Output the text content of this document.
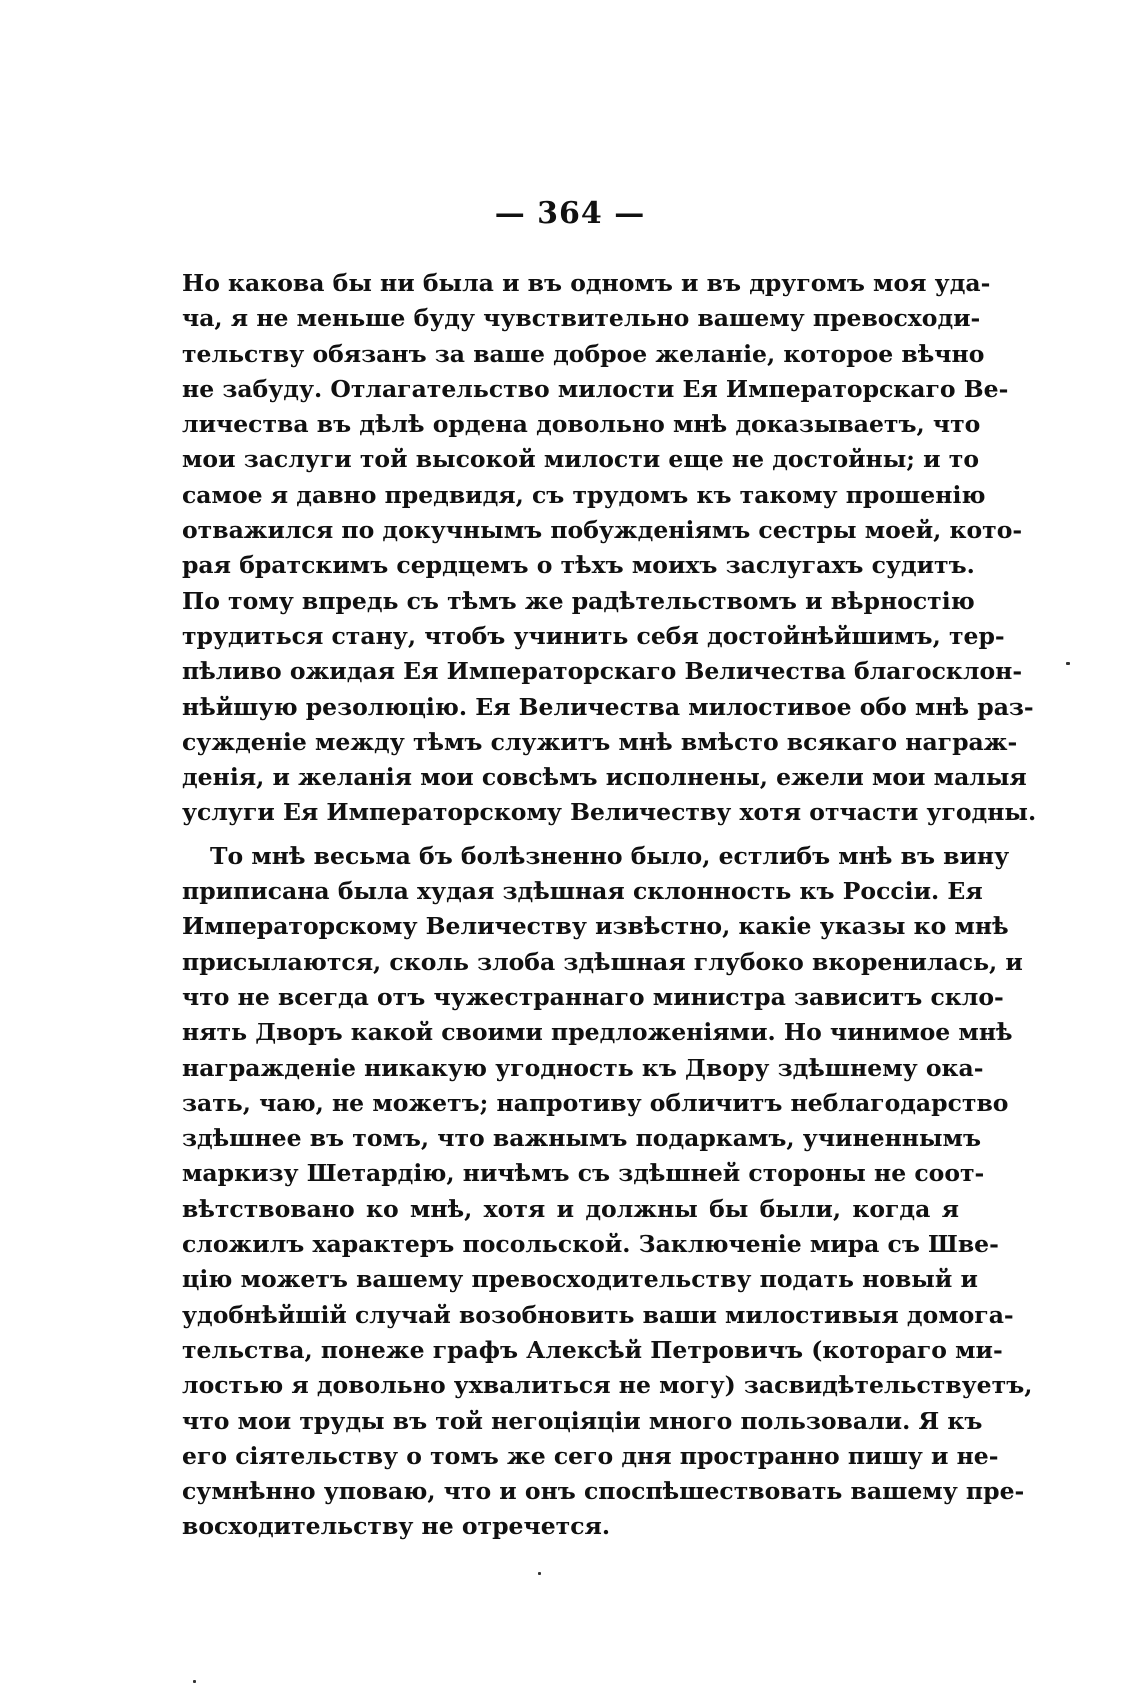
— 364 —
Но какова бы ни была и въ одномъ и въ другомъ моя уда-
ча, я не меньше буду чувствительно вашему превосходи-
тельству обязанъ за ваше доброе желаніе, которое вѣчно
не забуду. Отлагательство милости Ея Императорскаго Ве-
личества въ дѣлѣ ордена довольно мнѣ доказываетъ, что
мои заслуги той высокой милости еще не достойны; и то
самое я давно предвидя, съ трудомъ къ такому прошенію
отважился по докучнымъ побужденіямъ сестры моей, кото-
рая братскимъ сердцемъ о тѣхъ моихъ заслугахъ судитъ.
По тому впредь съ тѣмъ же радѣтельствомъ и вѣрностію
трудиться стану, чтобъ учинить себя достойнѣйшимъ, тер-
пѣливо ожидая Ея Императорскаго Величества благосклон-
нѣйшую резолюцію. Ея Величества милостивое обо мнѣ раз-
сужденіе между тѣмъ служитъ мнѣ вмѣсто всякаго награж-
денія, и желанія мои совсѣмъ исполнены, ежели мои малыя
услуги Ея Императорскому Величеству хотя отчасти угодны.
То мнѣ весьма бъ болѣзненно было, естлибъ мнѣ въ вину
приписана была худая здѣшная склонность къ Россіи. Ея
Императорскому Величеству извѣстно, какіе указы ко мнѣ
присылаются, сколь злоба здѣшная глубоко вкоренилась, и
что не всегда отъ чужестраннаго министра зависитъ скло-
нять Дворъ какой своими предложеніями. Но чинимое мнѣ
награжденіе никакую угодность къ Двору здѣшнему ока-
зать, чаю, не можетъ; напротиву обличитъ неблагодарство
здѣшнее въ томъ, что важнымъ подаркамъ, учиненнымъ
маркизу Шетардію, ничѣмъ съ здѣшней стороны не соот-
вѣтствовано ко мнѣ, хотя и должны бы были, когда я
сложилъ характеръ посольской. Заключеніе мира съ Шве-
цію можетъ вашему превосходительству подать новый и
удобнѣйшій случай возобновить ваши милостивыя домога-
тельства, понеже графъ Алексѣй Петровичъ (котораго ми-
лостью я довольно ухвалиться не могу) засвидѣтельствуетъ,
что мои труды въ той негоціяціи много пользовали. Я къ
его сіятельству о томъ же сего дня пространно пишу и не-
сумнѣнно уповаю, что и онъ споспѣшествовать вашему пре-
восходительству не отречется.
